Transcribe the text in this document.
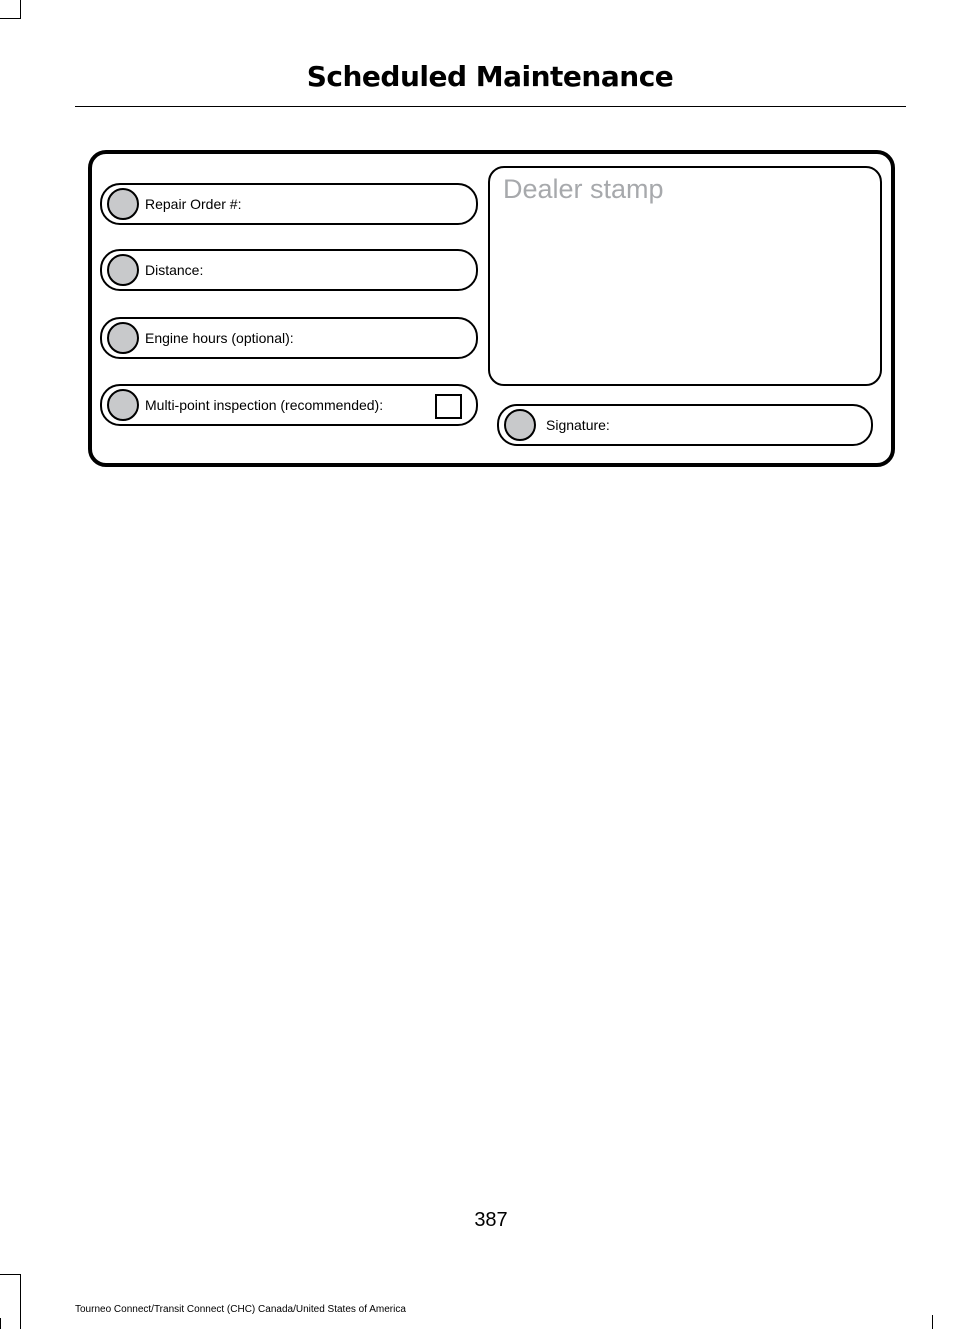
Scheduled Maintenance
Repair Order #:
Distance:
Engine hours (optional):
Multi-point inspection (recommended):
Dealer stamp
Signature:
387
Tourneo Connect/Transit Connect (CHC) Canada/United States of America
